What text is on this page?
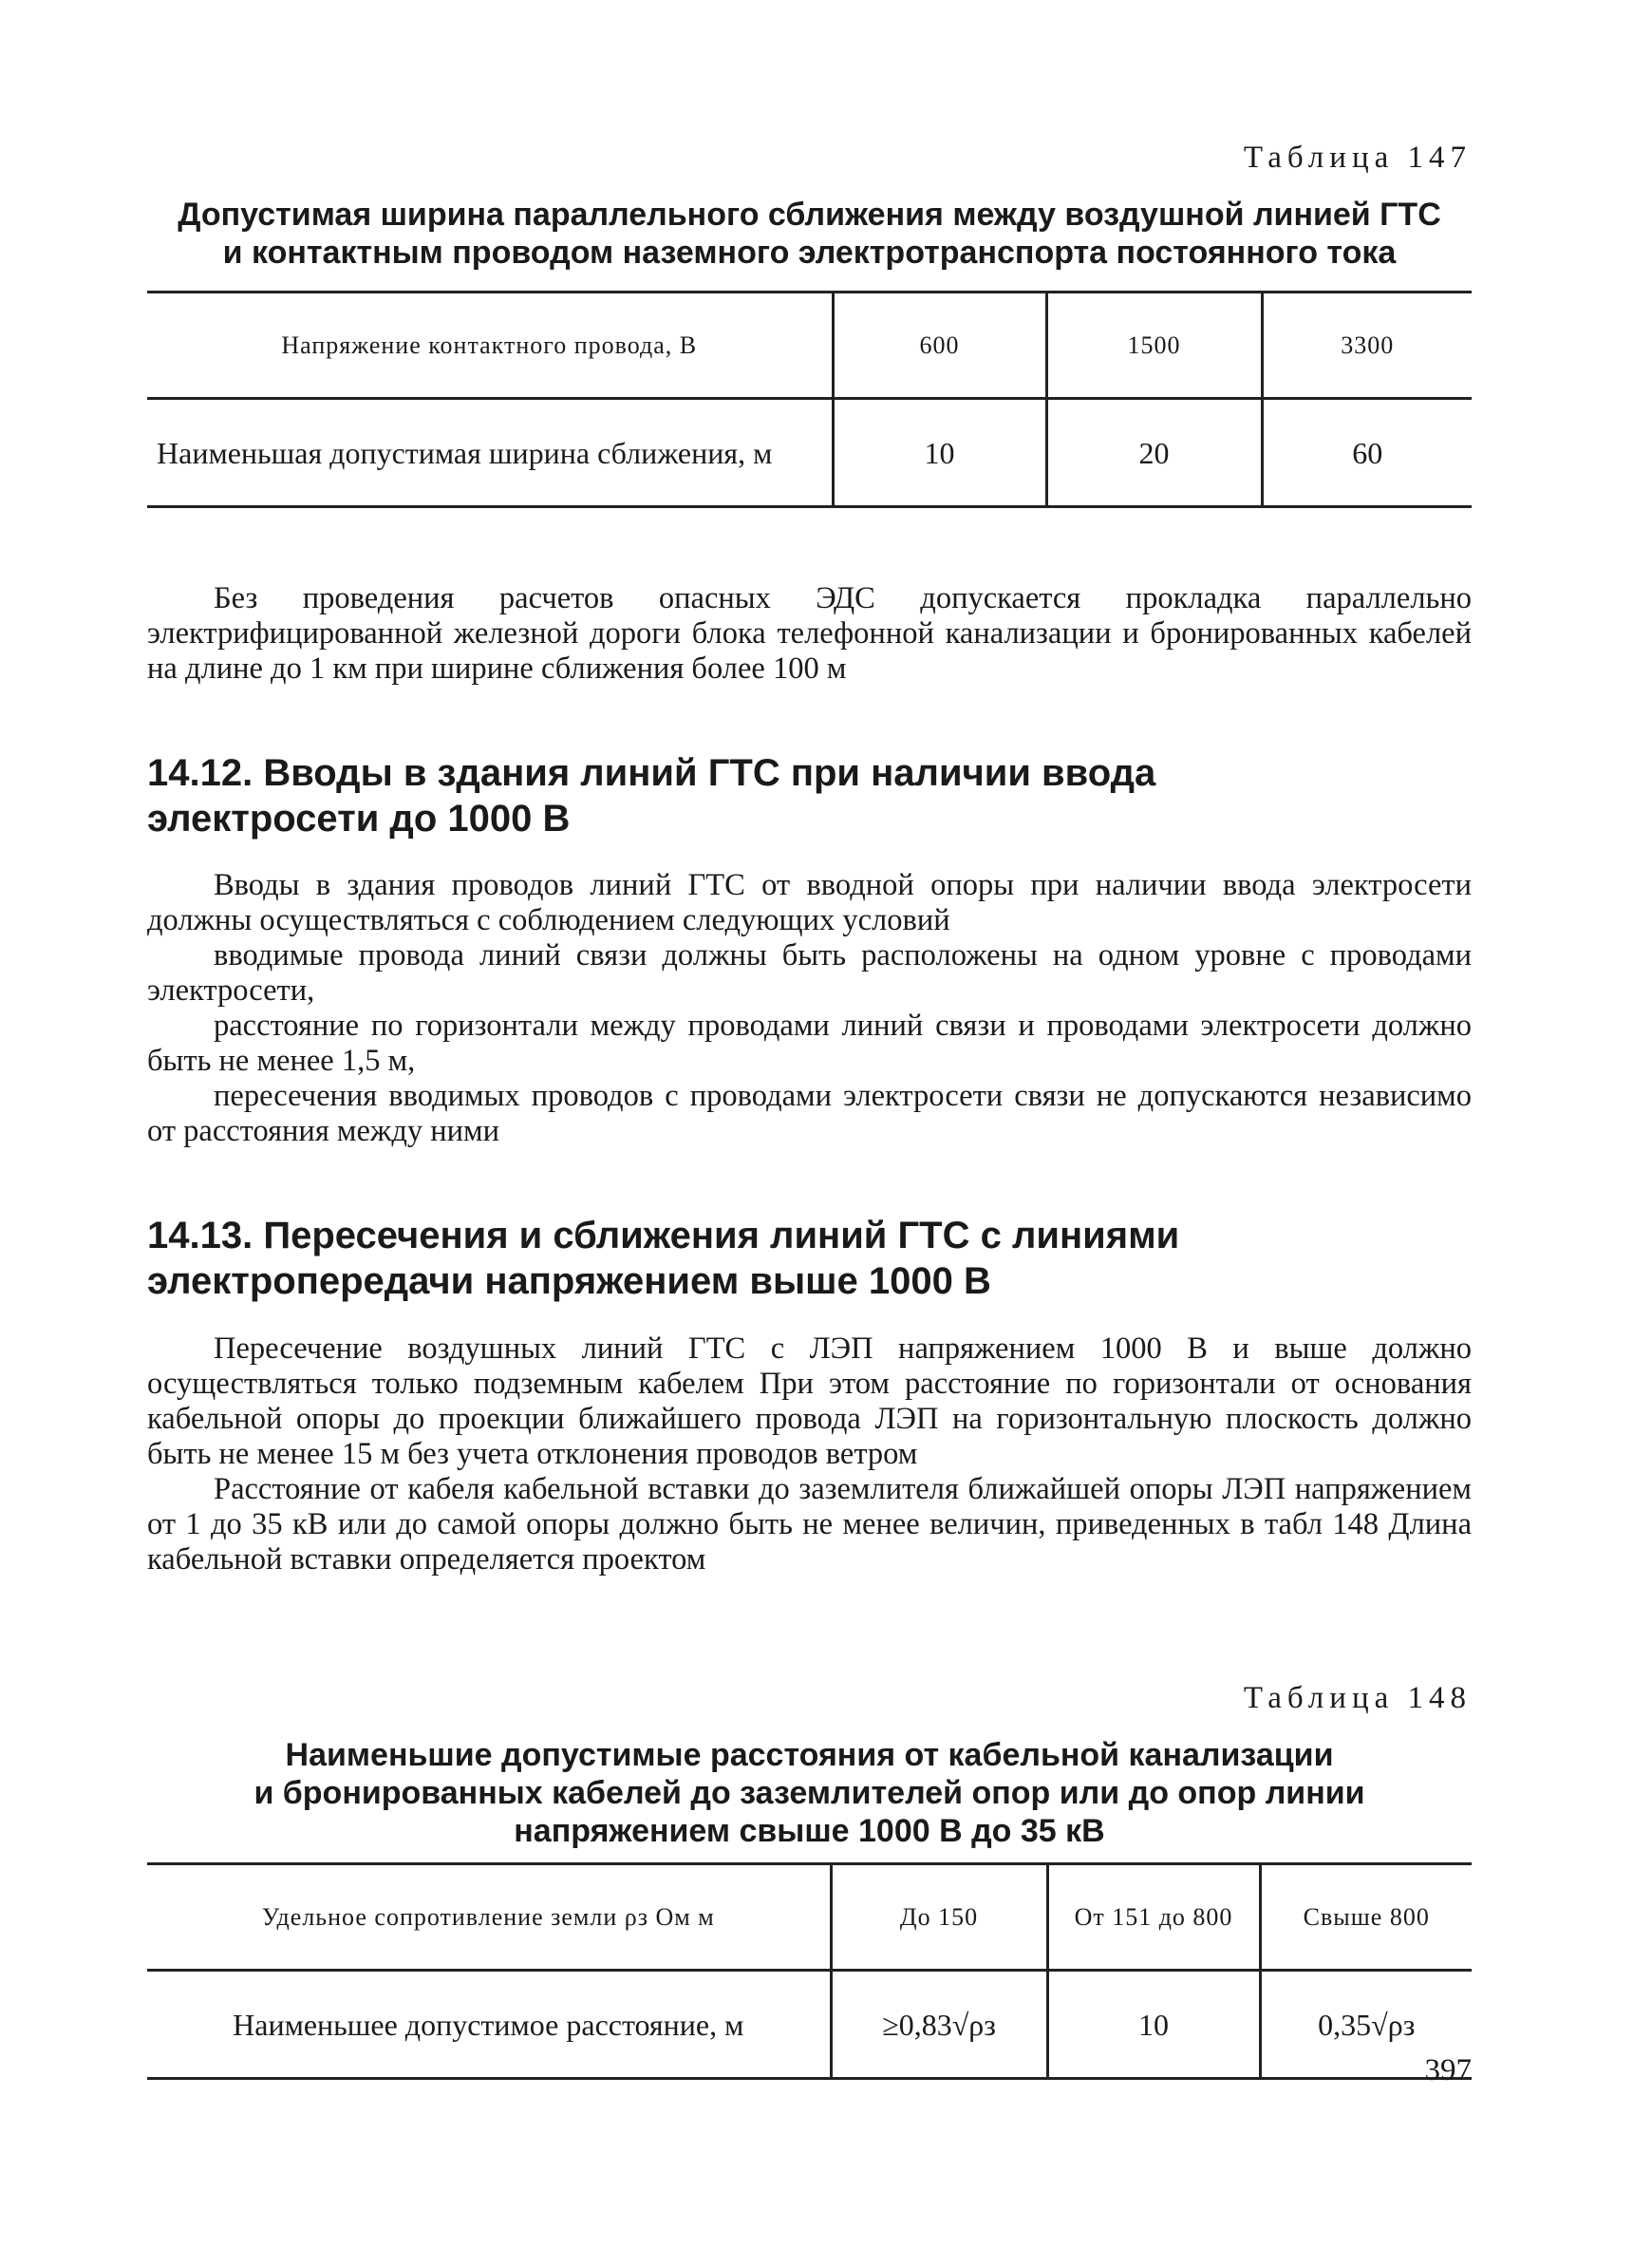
Таблица 147
Допустимая ширина параллельного сближения между воздушной линией ГТС
и контактным проводом наземного электротранспорта постоянного тока
Напряжение контактного провода, В	600	1500	3300
Наименьшая допустимая ширина сближения, м	10	20	60

Без проведения расчетов опасных ЭДС допускается прокладка параллельно электрифицированной железной дороги блока телефонной канализации и бронированных кабелей на длине до 1 км при ширине сближения более 100 м

14.12. Вводы в здания линий ГТС при наличии ввода
электросети до 1000 В

Вводы в здания проводов линий ГТС от вводной опоры при наличии ввода электросети должны осуществляться с соблюдением следующих условий

вводимые провода линий связи должны быть расположены на одном уровне с проводами электросети,

расстояние по горизонтали между проводами линий связи и проводами электросети должно быть не менее 1,5 м,

пересечения вводимых проводов с проводами электросети связи не допускаются независимо от расстояния между ними

14.13. Пересечения и сближения линий ГТС с линиями
электропередачи напряжением выше 1000 В

Пересечение воздушных линий ГТС с ЛЭП напряжением 1000 В и выше должно осуществляться только подземным кабелем При этом расстояние по горизонтали от основания кабельной опоры до проекции ближайшего провода ЛЭП на горизонтальную плоскость должно быть не менее 15 м без учета отклонения проводов ветром

Расстояние от кабеля кабельной вставки до заземлителя ближайшей опоры ЛЭП напряжением от 1 до 35 кВ или до самой опоры должно быть не менее величин, приведенных в табл 148 Длина кабельной вставки определяется проектом

Таблица 148
Наименьшие допустимые расстояния от кабельной канализации
и бронированных кабелей до заземлителей опор или до опор линии
напряжением свыше 1000 В до 35 кВ
Удельное сопротивление земли ρз Ом м	До 150	От 151 до 800	Свыше 800
Наименьшее допустимое расстояние, м	≥0,83√ρз	10	0,35√ρз
397
